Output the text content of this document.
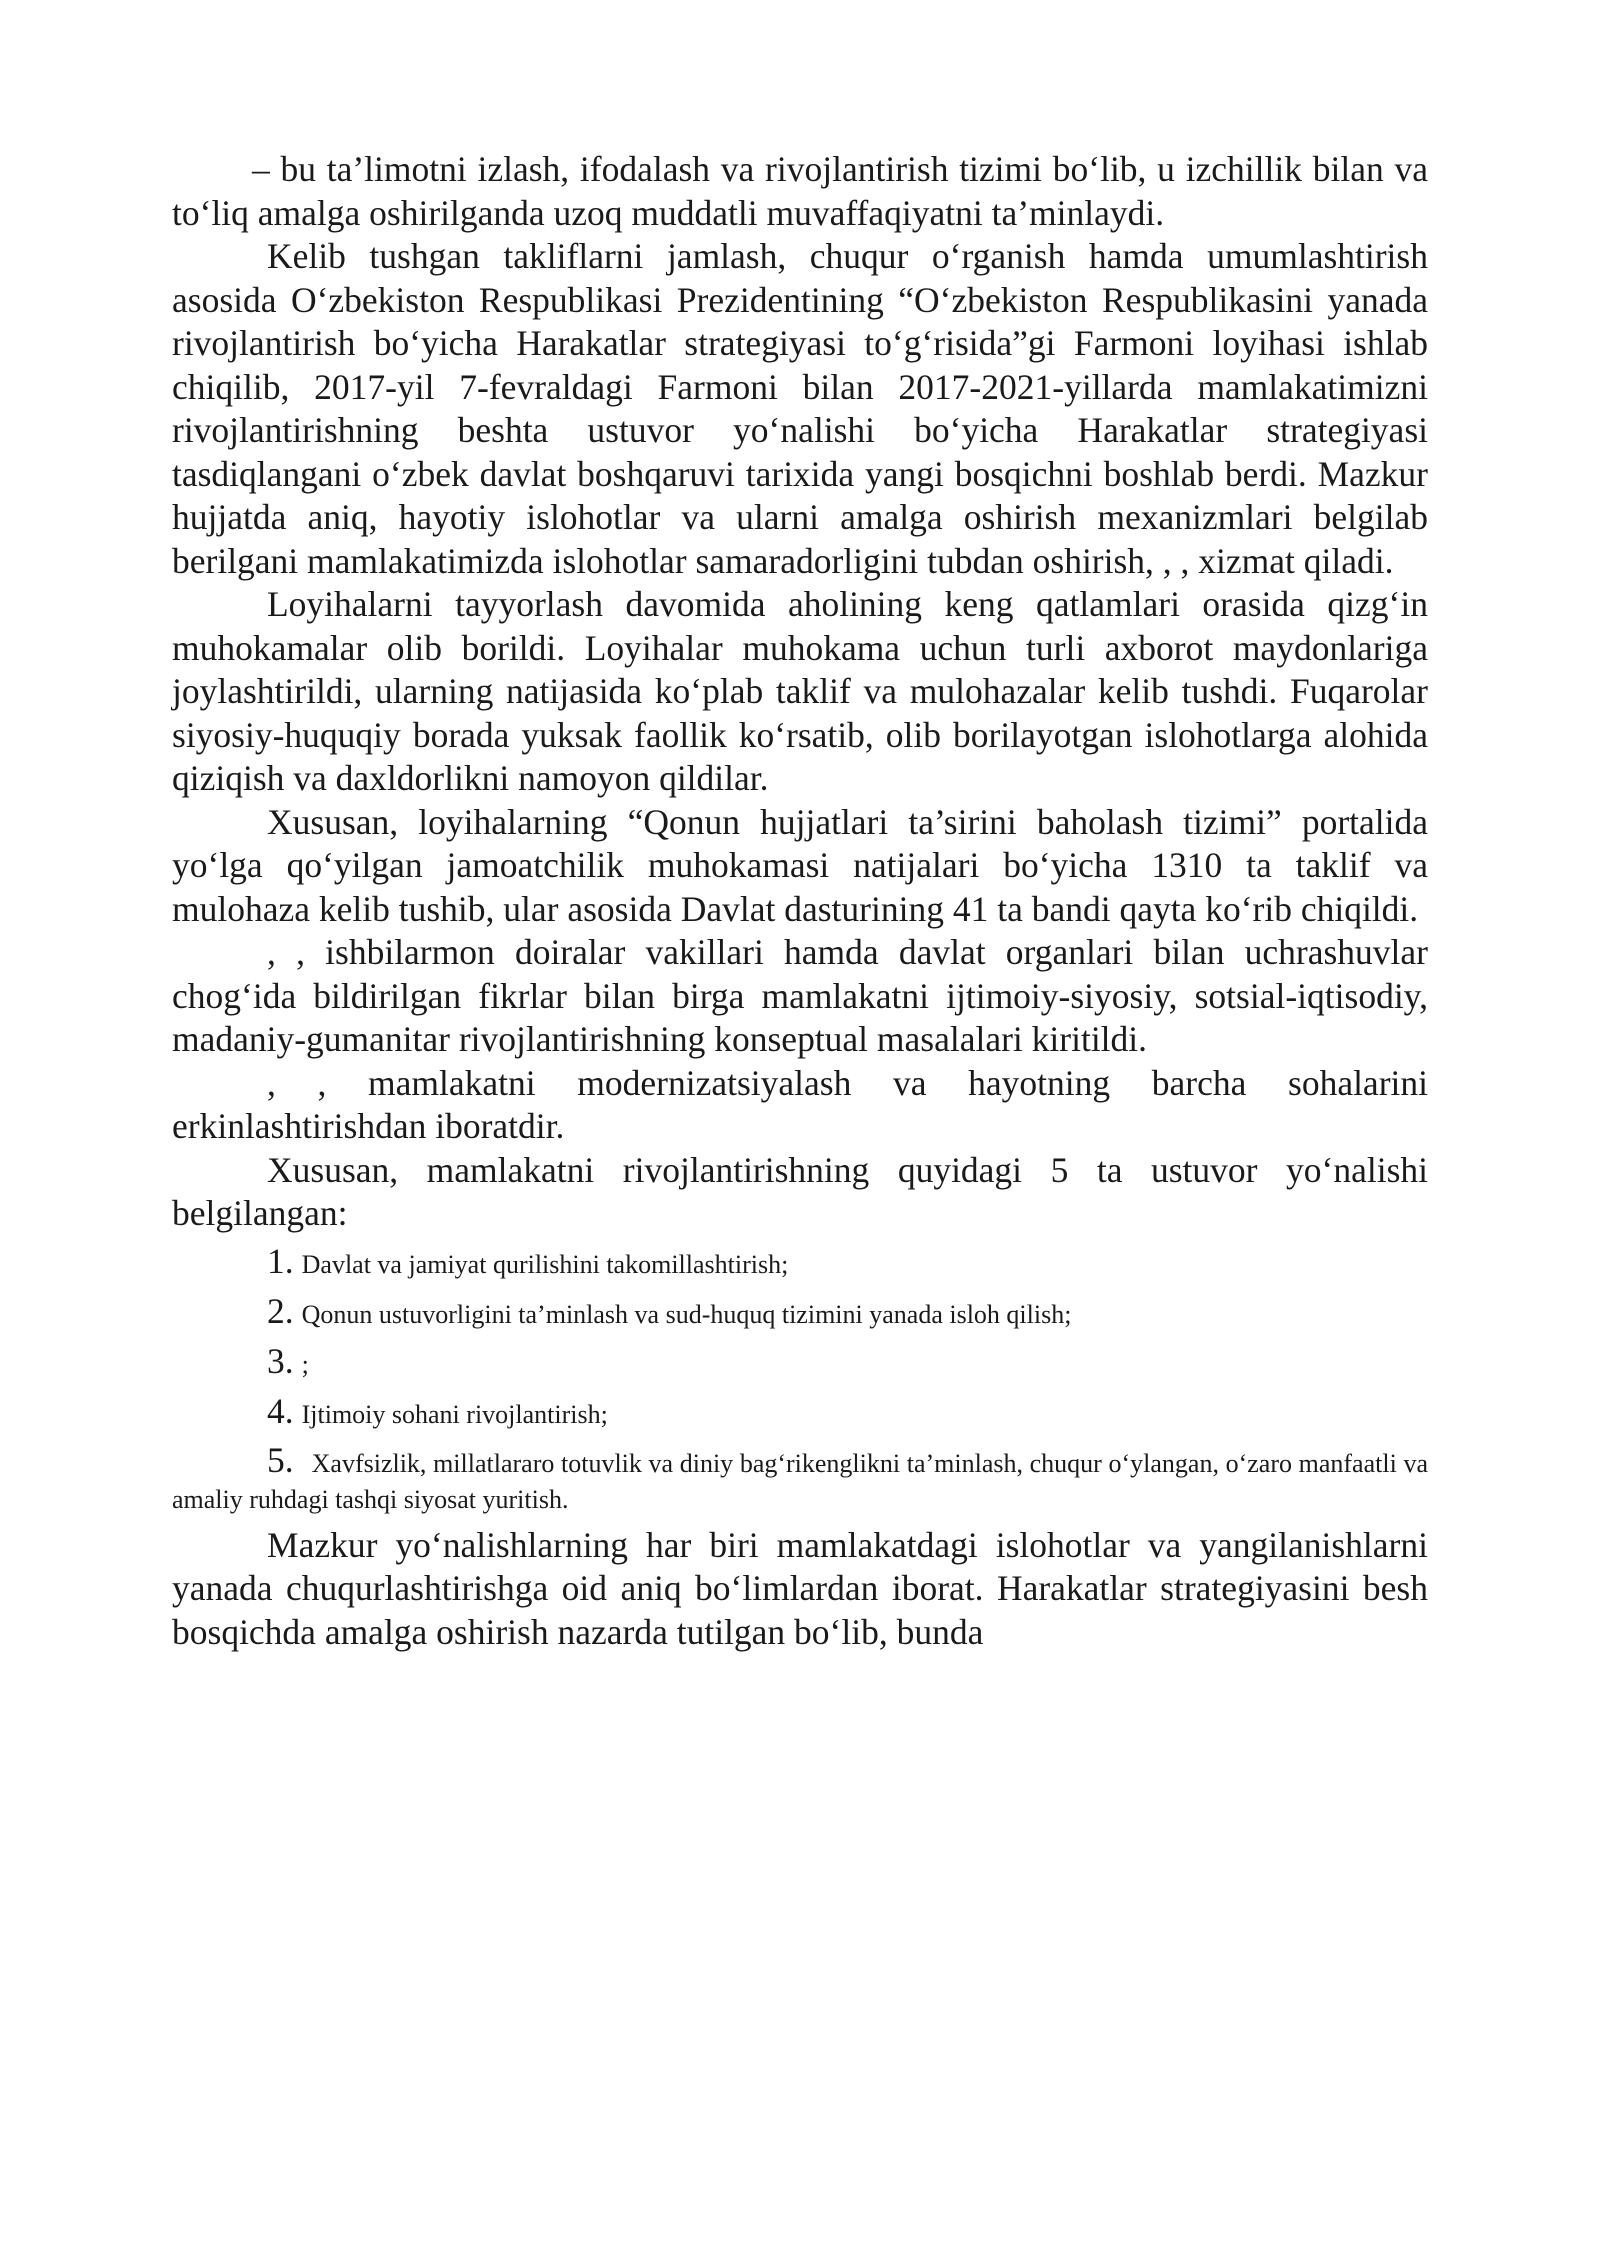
– bu ta’limotni izlash, ifodalash va rivojlantirish tizimi bo‘lib, u izchillik bilan va to‘liq amalga oshirilganda uzoq muddatli muvaffaqiyatni ta’minlaydi.

Kelib tushgan takliflarni jamlash, chuqur o‘rganish hamda umumlashtirish asosida O‘zbekiston Respublikasi Prezidentining “O‘zbekiston Respublikasini yanada rivojlantirish bo‘yicha Harakatlar strategiyasi to‘g‘risida”gi Farmoni loyihasi ishlab chiqilib, 2017-yil 7-fevraldagi Farmoni bilan 2017-2021-yillarda mamlakatimizni rivojlantirishning beshta ustuvor yo‘nalishi bo‘yicha Harakatlar strategiyasi tasdiqlangani o‘zbek davlat boshqaruvi tarixida yangi bosqichni boshlab berdi. Mazkur hujjatda aniq, hayotiy islohotlar va ularni amalga oshirish mexanizmlari belgilab berilgani mamlakatimizda islohotlar samaradorligini tubdan oshirish, , , xizmat qiladi.

Loyihalarni tayyorlash davomida aholining keng qatlamlari orasida qizg‘in muhokamalar olib borildi. Loyihalar muhokama uchun turli axborot maydonlariga joylashtirildi, ularning natijasida ko‘plab taklif va mulohazalar kelib tushdi. Fuqarolar siyosiy-huquqiy borada yuksak faollik ko‘rsatib, olib borilayotgan islohotlarga alohida qiziqish va daxldorlikni namoyon qildilar.

Xususan, loyihalarning “Qonun hujjatlari ta’sirini baholash tizimi” portalida yo‘lga qo‘yilgan jamoatchilik muhokamasi natijalari bo‘yicha 1310 ta taklif va mulohaza kelib tushib, ular asosida Davlat dasturining 41 ta bandi qayta ko‘rib chiqildi.

, , ishbilarmon doiralar vakillari hamda davlat organlari bilan uchrashuvlar chog‘ida bildirilgan fikrlar bilan birga mamlakatni ijtimoiy-siyosiy, sotsial-iqtisodiy, madaniy-gumanitar rivojlantirishning konseptual masalalari kiritildi.

, , mamlakatni modernizatsiyalash va hayotning barcha sohalarini erkinlashtirishdan iboratdir.

Xususan, mamlakatni rivojlantirishning quyidagi 5 ta ustuvor yo‘nalishi belgilangan:

1. Davlat va jamiyat qurilishini takomillashtirish;
2. Qonun ustuvorligini ta’minlash va sud-huquq tizimini yanada isloh qilish;
3. ;
4. Ijtimoiy sohani rivojlantirish;
5. Xavfsizlik, millatlararo totuvlik va diniy bag‘rikenglikni ta’minlash, chuqur o‘ylangan, o‘zaro manfaatli va amaliy ruhdagi tashqi siyosat yuritish.

Mazkur yo‘nalishlarning har biri mamlakatdagi islohotlar va yangilanishlarni yanada chuqurlashtirishga oid aniq bo‘limlardan iborat. Harakatlar strategiyasini besh bosqichda amalga oshirish nazarda tutilgan bo‘lib, bunda
